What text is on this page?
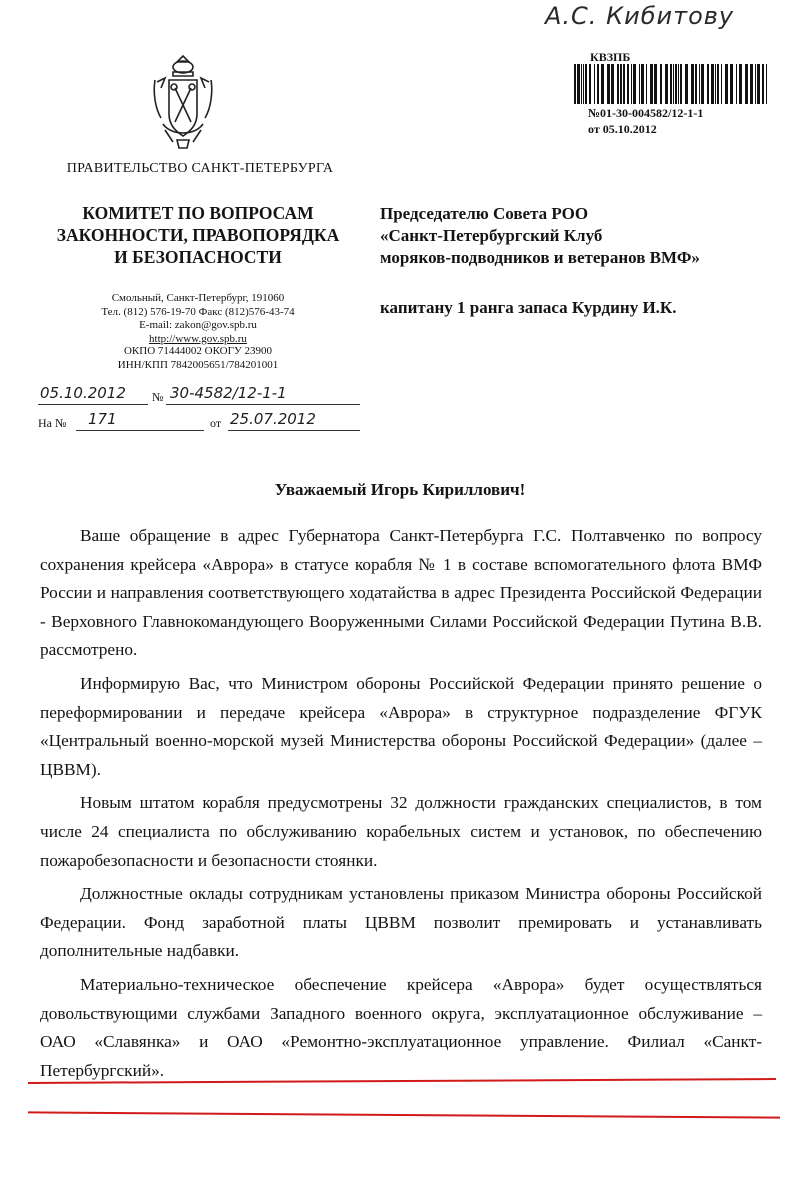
А.С. Кибитову
ПРАВИТЕЛЬСТВО САНКТ-ПЕТЕРБУРГА
КОМИТЕТ ПО ВОПРОСАМ
ЗАКОННОСТИ, ПРАВОПОРЯДКА
И БЕЗОПАСНОСТИ
Смольный, Санкт-Петербург, 191060
Тел. (812) 576-19-70 Факс (812)576-43-74
E-mail: zakon@gov.spb.ru
http://www.gov.spb.ru
ОКПО 71444002 ОКОГУ 23900
ИНН/КПП 7842005651/784201001
05.10.2012 № 30-4582/12-1-1
На № 171	от 25.07.2012
КВЗПБ
№01-30-004582/12-1-1
от 05.10.2012
Председателю Совета РОО
«Санкт-Петербургский Клуб
моряков-подводников и ветеранов ВМФ»
капитану 1 ранга запаса Курдину И.К.
Уважаемый Игорь Кириллович!

Ваше обращение в адрес Губернатора Санкт-Петербурга Г.С. Полтавченко по вопросу сохранения крейсера «Аврора» в статусе корабля № 1 в составе вспомогательного флота ВМФ России и направления соответствующего ходатайства в адрес Президента Российской Федерации - Верховного Главнокомандующего Вооруженными Силами Российской Федерации Путина В.В. рассмотрено.

Информирую Вас, что Министром обороны Российской Федерации принято решение о переформировании и передаче крейсера «Аврора» в структурное подразделение ФГУК «Центральный военно-морской музей Министерства обороны Российской Федерации» (далее – ЦВВМ).

Новым штатом корабля предусмотрены 32 должности гражданских специалистов, в том числе 24 специалиста по обслуживанию корабельных систем и установок, по обеспечению пожаробезопасности и безопасности стоянки.

Должностные оклады сотрудникам установлены приказом Министра обороны Российской Федерации. Фонд заработной платы ЦВВМ позволит премировать и устанавливать дополнительные надбавки.

Материально-техническое обеспечение крейсера «Аврора» будет осуществляться довольствующими службами Западного военного округа, эксплуатационное обслуживание – ОАО «Славянка» и ОАО «Ремонтно-эксплуатационное управление. Филиал «Санкт-Петербургский».
